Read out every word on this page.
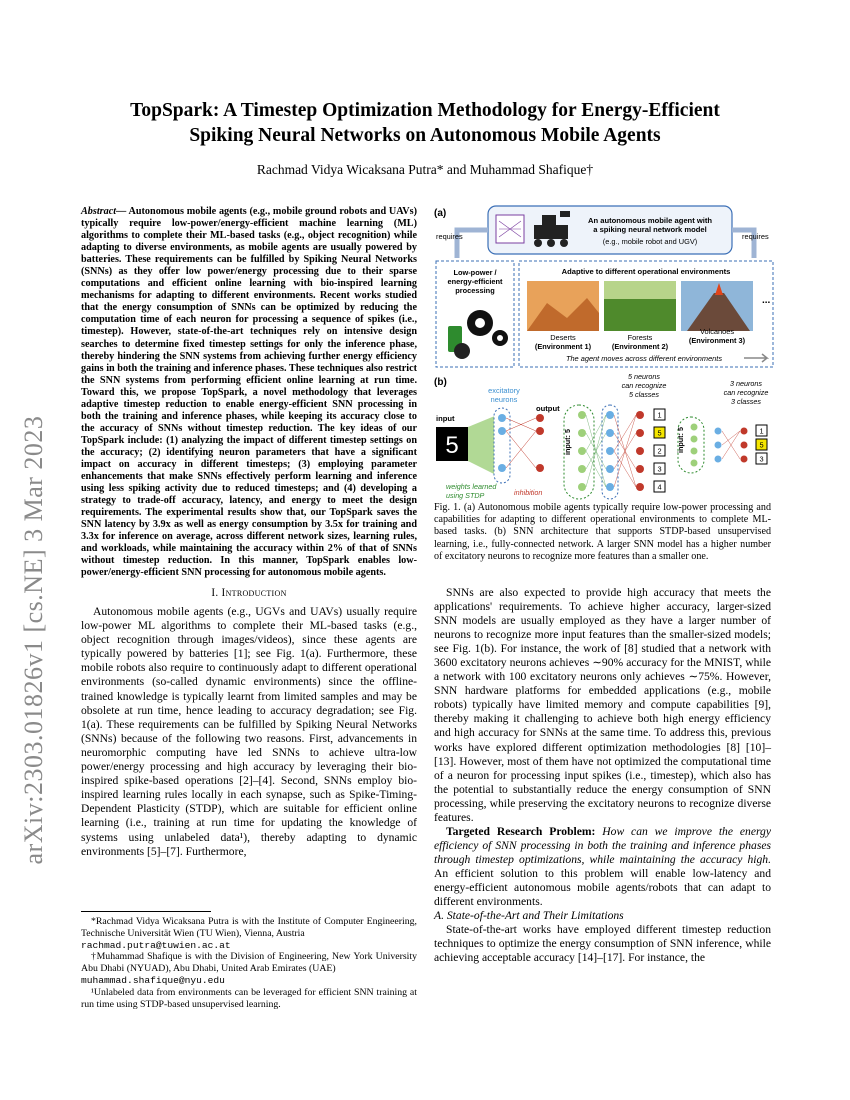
arXiv:2303.01826v1 [cs.NE] 3 Mar 2023
TopSpark: A Timestep Optimization Methodology for Energy-Efficient
Spiking Neural Networks on Autonomous Mobile Agents
Rachmad Vidya Wicaksana Putra* and Muhammad Shafique†
Abstract— Autonomous mobile agents (e.g., mobile ground robots and UAVs) typically require low-power/energy-efficient machine learning (ML) algorithms to complete their ML-based tasks (e.g., object recognition) while adapting to diverse environments, as mobile agents are usually powered by batteries. These requirements can be fulfilled by Spiking Neural Networks (SNNs) as they offer low power/energy processing due to their sparse computations and efficient online learning with bio-inspired learning mechanisms for adapting to different environments. Recent works studied that the energy consumption of SNNs can be optimized by reducing the computation time of each neuron for processing a sequence of spikes (i.e., timestep). However, state-of-the-art techniques rely on intensive design searches to determine fixed timestep settings for only the inference phase, thereby hindering the SNN systems from achieving further energy efficiency gains in both the training and inference phases. These techniques also restrict the SNN systems from performing efficient online learning at run time. Toward this, we propose TopSpark, a novel methodology that leverages adaptive timestep reduction to enable energy-efficient SNN processing in both the training and inference phases, while keeping its accuracy close to the accuracy of SNNs without timestep reduction. The key ideas of our TopSpark include: (1) analyzing the impact of different timestep settings on the accuracy; (2) identifying neuron parameters that have a significant impact on accuracy in different timesteps; (3) employing parameter enhancements that make SNNs effectively perform learning and inference using less spiking activity due to reduced timesteps; and (4) developing a strategy to trade-off accuracy, latency, and energy to meet the design requirements. The experimental results show that, our TopSpark saves the SNN latency by 3.9x as well as energy consumption by 3.5x for training and 3.3x for inference on average, across different network sizes, learning rules, and workloads, while maintaining the accuracy within 2% of that of SNNs without timestep reduction. In this manner, TopSpark enables low-power/energy-efficient SNN processing for autonomous mobile agents.
I. Introduction

Autonomous mobile agents (e.g., UGVs and UAVs) usually require low-power ML algorithms to complete their ML-based tasks (e.g., object recognition through images/videos), since these agents are typically powered by batteries [1]; see Fig. 1(a). Furthermore, these mobile robots also require to continuously adapt to different operational environments (so-called dynamic environments) since the offline-trained knowledge is typically learnt from limited samples and may be obsolete at run time, hence leading to accuracy degradation; see Fig. 1(a). These requirements can be fulfilled by Spiking Neural Networks (SNNs) because of the following two reasons. First, advancements in neuromorphic computing have led SNNs to achieve ultra-low power/energy processing and high accuracy by leveraging their bio-inspired spike-based operations [2]–[4]. Second, SNNs employ bio-inspired learning rules locally in each synapse, such as Spike-Timing-Dependent Plasticity (STDP), which are suitable for efficient online learning (i.e., training at run time for updating the knowledge of systems using unlabeled data¹), thereby adapting to dynamic environments [5]–[7]. Furthermore,

*Rachmad Vidya Wicaksana Putra is with the Institute of Computer Engineering, Technische Universität Wien (TU Wien), Vienna, Austria
rachmad.putra@tuwien.ac.at

†Muhammad Shafique is with the Division of Engineering, New York University Abu Dhabi (NYUAD), Abu Dhabi, United Arab Emirates (UAE)
muhammad.shafique@nyu.edu

¹Unlabeled data from environments can be leveraged for efficient SNN training at run time using STDP-based unsupervised learning.

(a)
An autonomous mobile agent with a spiking neural network model
(e.g., mobile robot and UGV)
requires	requires
Low-power / energy-efficient processing
Adaptive to different operational environments
...
Deserts
(Environment 1)
Forests
(Environment 2)
Volcanoes
(Environment 3)
The agent moves across different environments
(b)
excitatory neurons
input
output
5
weights learned using STDP	inhibition
5 neurons can recognize 5 classes
input: 5
1
5
2
3
4
3 neurons can recognize 3 classes
input: 5	1
5
3
Fig. 1. (a) Autonomous mobile agents typically require low-power processing and capabilities for adapting to different operational environments to complete ML-based tasks. (b) SNN architecture that supports STDP-based unsupervised learning, i.e., fully-connected network. A larger SNN model has a higher number of excitatory neurons to recognize more features than a smaller one.

SNNs are also expected to provide high accuracy that meets the applications' requirements. To achieve higher accuracy, larger-sized SNN models are usually employed as they have a larger number of neurons to recognize more input features than the smaller-sized models; see Fig. 1(b). For instance, the work of [8] studied that a network with 3600 excitatory neurons achieves ∼90% accuracy for the MNIST, while a network with 100 excitatory neurons only achieves ∼75%. However, SNN hardware platforms for embedded applications (e.g., mobile robots) typically have limited memory and compute capabilities [9], thereby making it challenging to achieve both high energy efficiency and high accuracy for SNNs at the same time. To address this, previous works have explored different optimization methodologies [8] [10]–[13]. However, most of them have not optimized the computational time of a neuron for processing input spikes (i.e., timestep), which also has the potential to substantially reduce the energy consumption of SNN processing, while preserving the excitatory neurons to recognize diverse features.

Targeted Research Problem: How can we improve the energy efficiency of SNN processing in both the training and inference phases through timestep optimizations, while maintaining the accuracy high. An efficient solution to this problem will enable low-latency and energy-efficient autonomous mobile agents/robots that can adapt to different environments.

A. State-of-the-Art and Their Limitations

State-of-the-art works have employed different timestep reduction techniques to optimize the energy consumption of SNN inference, while achieving acceptable accuracy [14]–[17]. For instance, the
